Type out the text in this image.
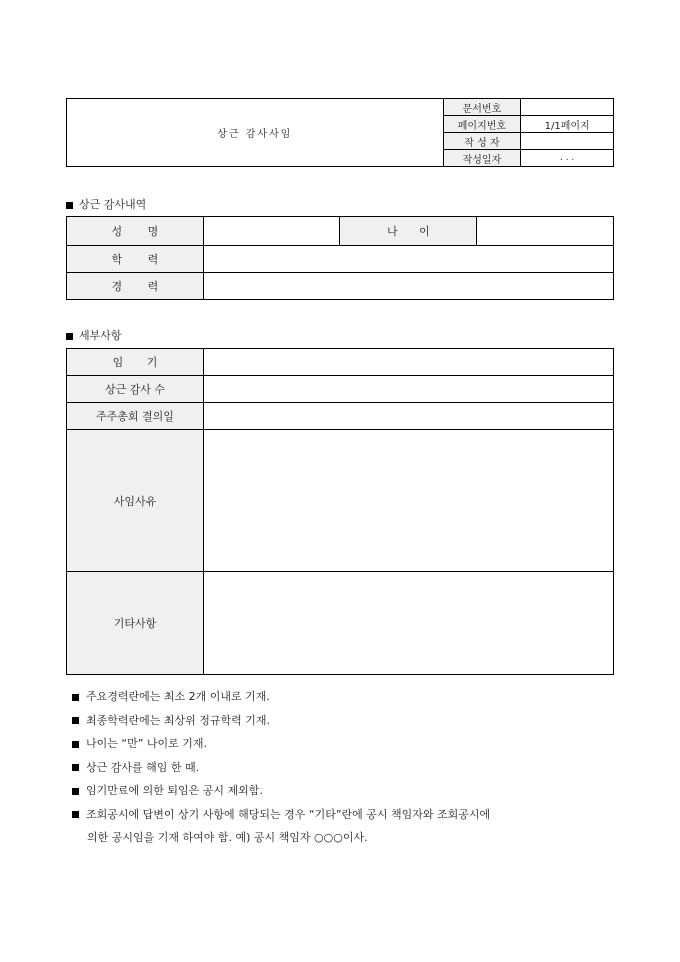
상근 감사사임	문서번호	
	페이지번호	1/1페이지
	작 성 자	
	작성일자	. . .
상근 감사내역
성 명		나 이	
학 력			
경 력			
세부사항
임 기	
상근 감사 수	
주주총회 결의일	
사임사유	
기타사항	
주요경력란에는 최소 2개 이내로 기재.
최종학력란에는 최상위 정규학력 기재.
나이는 “만” 나이로 기재.
상근 감사를 해임 한 때.
임기만료에 의한 퇴임은 공시 제외함.
조회공시에 답변이 상기 사항에 해당되는 경우 “기타”란에 공시 책임자와 조회공시에
의한 공시임을 기재 하여야 함. 예) 공시 책임자 ○○○이사.
